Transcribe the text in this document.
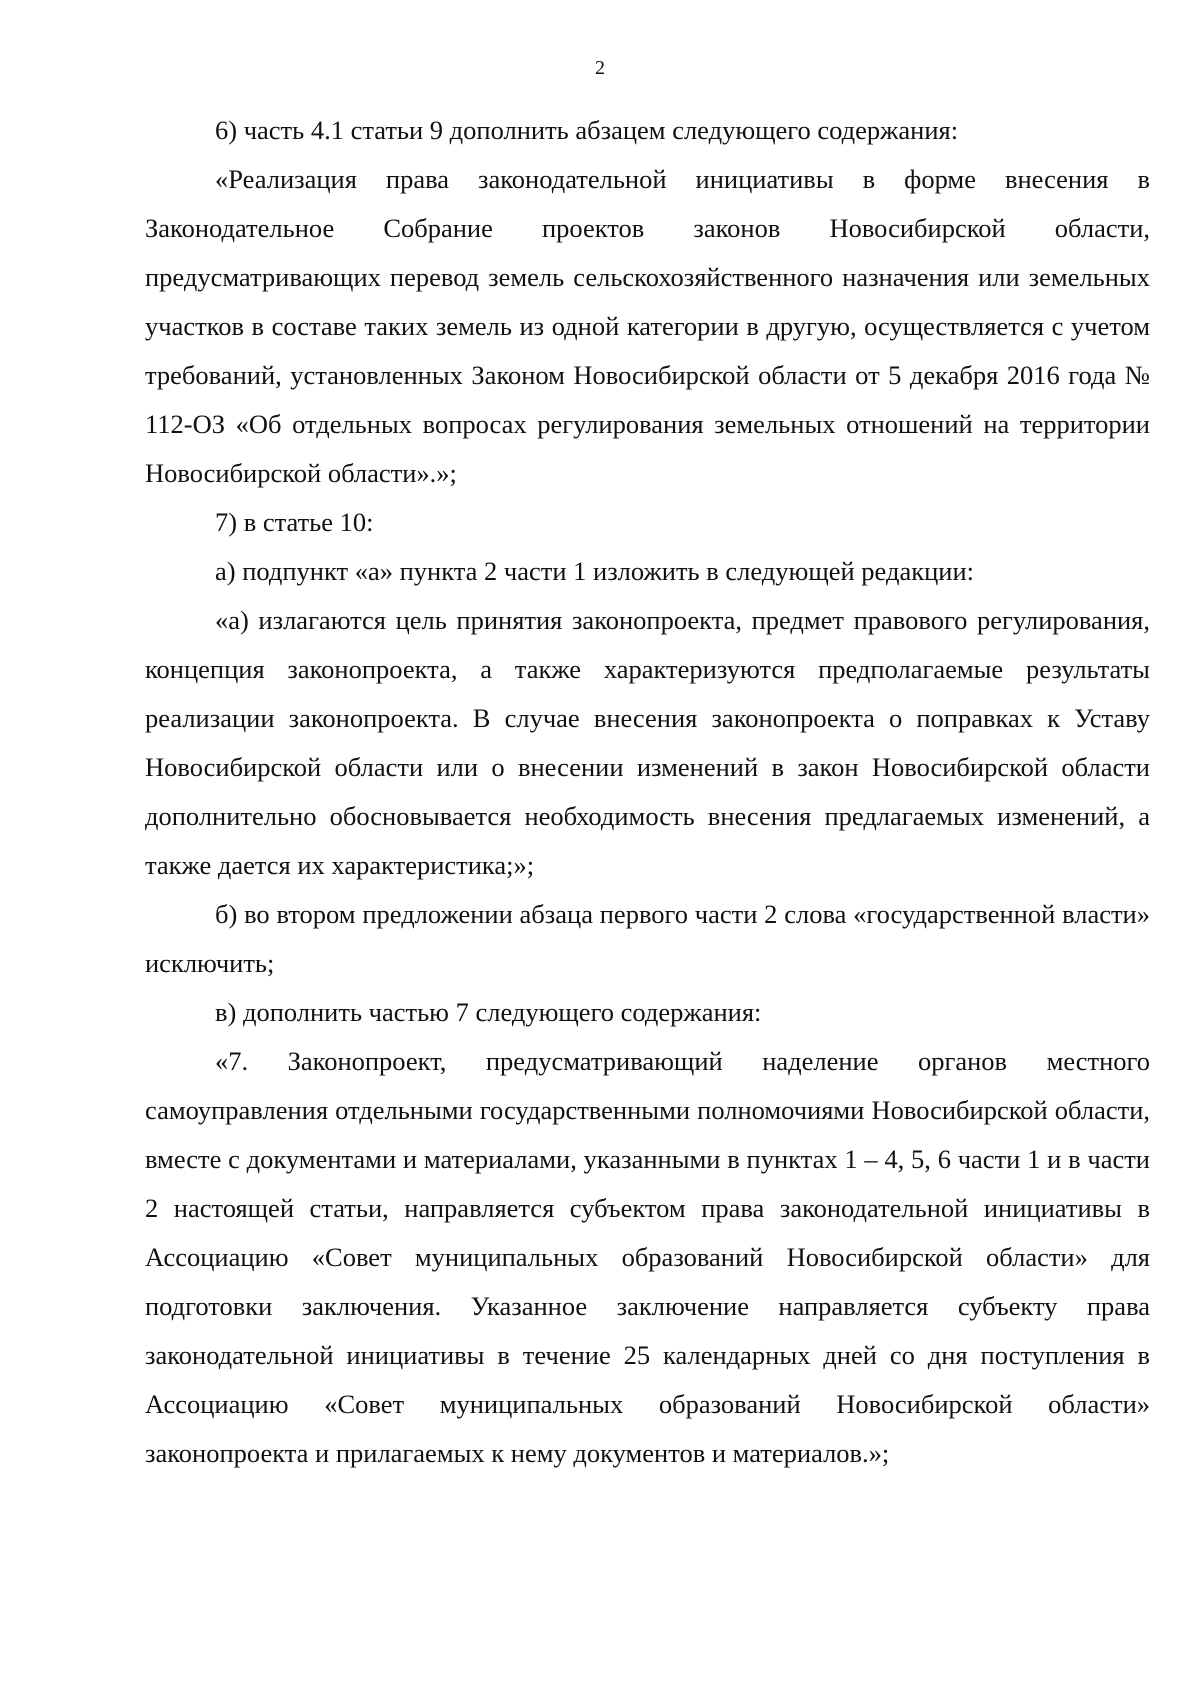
2

6) часть 4.1 статьи 9 дополнить абзацем следующего содержания:

«Реализация права законодательной инициативы в форме внесения в Законодательное Собрание проектов законов Новосибирской области, предусматривающих перевод земель сельскохозяйственного назначения или земельных участков в составе таких земель из одной категории в другую, осуществляется с учетом требований, установленных Законом Новосибирской области от 5 декабря 2016 года № 112-ОЗ «Об отдельных вопросах регулирования земельных отношений на территории Новосибирской области».»;

7) в статье 10:

а) подпункт «а» пункта 2 части 1 изложить в следующей редакции:

«а) излагаются цель принятия законопроекта, предмет правового регулирования, концепция законопроекта, а также характеризуются предполагаемые результаты реализации законопроекта. В случае внесения законопроекта о поправках к Уставу Новосибирской области или о внесении изменений в закон Новосибирской области дополнительно обосновывается необходимость внесения предлагаемых изменений, а также дается их характеристика;»;

б) во втором предложении абзаца первого части 2 слова «государственной власти» исключить;

в) дополнить частью 7 следующего содержания:

«7. Законопроект, предусматривающий наделение органов местного самоуправления отдельными государственными полномочиями Новосибирской области, вместе с документами и материалами, указанными в пунктах 1 – 4, 5, 6 части 1 и в части 2 настоящей статьи, направляется субъектом права законодательной инициативы в Ассоциацию «Совет муниципальных образований Новосибирской области» для подготовки заключения. Указанное заключение направляется субъекту права законодательной инициативы в течение 25 календарных дней со дня поступления в Ассоциацию «Совет муниципальных образований Новосибирской области» законопроекта и прилагаемых к нему документов и материалов.»;
